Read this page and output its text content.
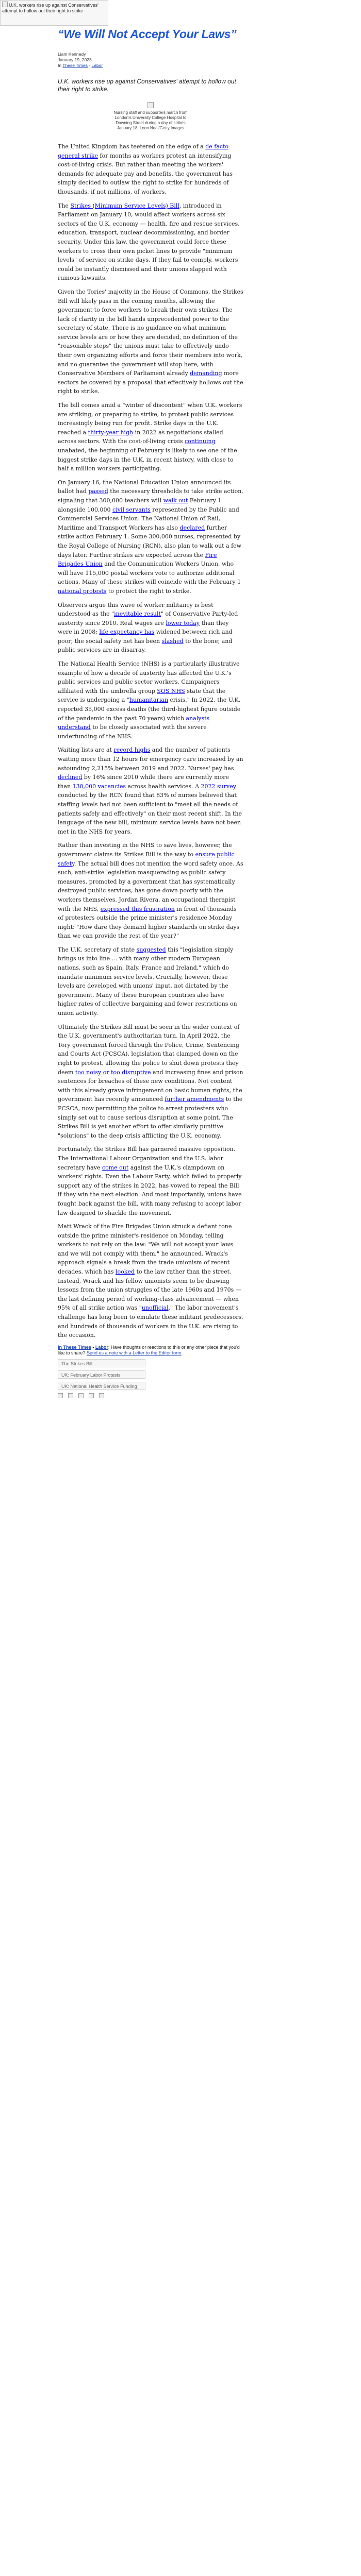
U.K. workers rise up against Conservatives' attempt to hollow out their right to strike
“We Will Not Accept Your Laws”
Liam Kennedy
January 19, 2023
In These Times - Labor
U.K. workers rise up against Conservatives' attempt to hollow out their right to strike.
Nursing staff and supporters march from London's University College Hospital to Downing Street during a day of strikes January 18. Leon Neal/Getty Images

The United Kingdom has teetered on the edge of a de facto general strike for months as workers protest an intensifying cost-of-living crisis. But rather than meeting the workers' demands for adequate pay and benefits, the government has simply decided to outlaw the right to strike for hundreds of thousands, if not millions, of workers.

The Strikes (Minimum Service Levels) Bill, introduced in Parliament on January 10, would affect workers across six sectors of the U.K. economy — health, fire and rescue services, education, transport, nuclear decommissioning, and border security. Under this law, the government could force these workers to cross their own picket lines to provide "minimum levels" of service on strike days. If they fail to comply, workers could be instantly dismissed and their unions slapped with ruinous lawsuits.

Given the Tories' majority in the House of Commons, the Strikes Bill will likely pass in the coming months, allowing the government to force workers to break their own strikes. The lack of clarity in the bill hands unprecedented power to the secretary of state. There is no guidance on what minimum service levels are or how they are decided, no definition of the "reasonable steps" the unions must take to effectively undo their own organizing efforts and force their members into work, and no guarantee the government will stop here, with Conservative Members of Parliament already demanding more sectors be covered by a proposal that effectively hollows out the right to strike.

The bill comes amid a "winter of discontent" when U.K. workers are striking, or preparing to strike, to protest public services increasingly being run for profit. Strike days in the U.K. reached a thirty-year high in 2022 as negotiations stalled across sectors. With the cost-of-living crisis continuing unabated, the beginning of February is likely to see one of the biggest strike days in the U.K. in recent history, with close to half a million workers participating.

On January 16, the National Education Union announced its ballot had passed the necessary thresholds to take strike action, signaling that 300,000 teachers will walk out February 1 alongside 100,000 civil servants represented by the Public and Commercial Services Union. The National Union of Rail, Maritime and Transport Workers has also declared further strike action February 1. Some 300,000 nurses, represented by the Royal College of Nursing (RCN), also plan to walk out a few days later. Further strikes are expected across the Fire Brigades Union and the Communication Workers Union, who will have 115,000 postal workers vote to authorize additional actions. Many of these strikes will coincide with the February 1 national protests to protect the right to strike.

Observers argue this wave of worker militancy is best understood as the "inevitable result" of Conservative Party-led austerity since 2010. Real wages are lower today than they were in 2008; life expectancy has widened between rich and poor; the social safety net has been slashed to the bone; and public services are in disarray.

The National Health Service (NHS) is a particularly illustrative example of how a decade of austerity has affected the U.K.'s public services and public sector workers. Campaigners affiliated with the umbrella group SOS NHS state that the service is undergoing a "humanitarian crisis." In 2022, the U.K. reported 35,000 excess deaths (the third-highest figure outside of the pandemic in the past 70 years) which analysts understand to be closely associated with the severe underfunding of the NHS.

Waiting lists are at record highs and the number of patients waiting more than 12 hours for emergency care increased by an astounding 2,215% between 2019 and 2022. Nurses' pay has declined by 16% since 2010 while there are currently more than 130,000 vacancies across health services. A 2022 survey conducted by the RCN found that 83% of nurses believed that staffing levels had not been sufficient to "meet all the needs of patients safely and effectively" on their most recent shift. In the language of the new bill, minimum service levels have not been met in the NHS for years.

Rather than investing in the NHS to save lives, however, the government claims its Strikes Bill is the way to ensure public safety. The actual bill does not mention the word safety once. As such, anti-strike legislation masquerading as public safety measures, promoted by a government that has systematically destroyed public services, has gone down poorly with the workers themselves. Jordan Rivera, an occupational therapist with the NHS, expressed this frustration in front of thousands of protesters outside the prime minister's residence Monday night: "How dare they demand higher standards on strike days than we can provide the rest of the year?"

The U.K. secretary of state suggested this "legislation simply brings us into line … with many other modern European nations, such as Spain, Italy, France and Ireland," which do mandate minimum service levels. Crucially, however, these levels are developed with unions' input, not dictated by the government. Many of these European countries also have higher rates of collective bargaining and fewer restrictions on union activity.

Ultimately the Strikes Bill must be seen in the wider context of the U.K. government's authoritarian turn. In April 2022, the Tory government forced through the Police, Crime, Sentencing and Courts Act (PCSCA), legislation that clamped down on the right to protest, allowing the police to shut down protests they deem too noisy or too disruptive and increasing fines and prison sentences for breaches of these new conditions. Not content with this already grave infringement on basic human rights, the government has recently announced further amendments to the PCSCA, now permitting the police to arrest protesters who simply set out to cause serious disruption at some point. The Strikes Bill is yet another effort to offer similarly punitive "solutions" to the deep crisis afflicting the U.K. economy.

Fortunately, the Strikes Bill has garnered massive opposition. The International Labour Organization and the U.S. labor secretary have come out against the U.K.'s clampdown on workers' rights. Even the Labour Party, which failed to properly support any of the strikes in 2022, has vowed to repeal the Bill if they win the next election. And most importantly, unions have fought back against the bill, with many refusing to accept labor law designed to shackle the movement.

Matt Wrack of the Fire Brigades Union struck a defiant tone outside the prime minister's residence on Monday, telling workers to not rely on the law: "We will not accept your laws and we will not comply with them," he announced. Wrack's approach signals a break from the trade unionism of recent decades, which has looked to the law rather than the street. Instead, Wrack and his fellow unionists seem to be drawing lessons from the union struggles of the late 1960s and 1970s — the last defining period of working-class advancement — when 95% of all strike action was "unofficial." The labor movement's challenge has long been to emulate these militant predecessors, and hundreds of thousands of workers in the U.K. are rising to the occasion.

In These Times - Labor: Have thoughts or reactions to this or any other piece that you'd like to share? Send us a note with a Letter to the Editor form.
The Strikes Bill
UK: February Labor Protests
UK: National Health Service Funding
